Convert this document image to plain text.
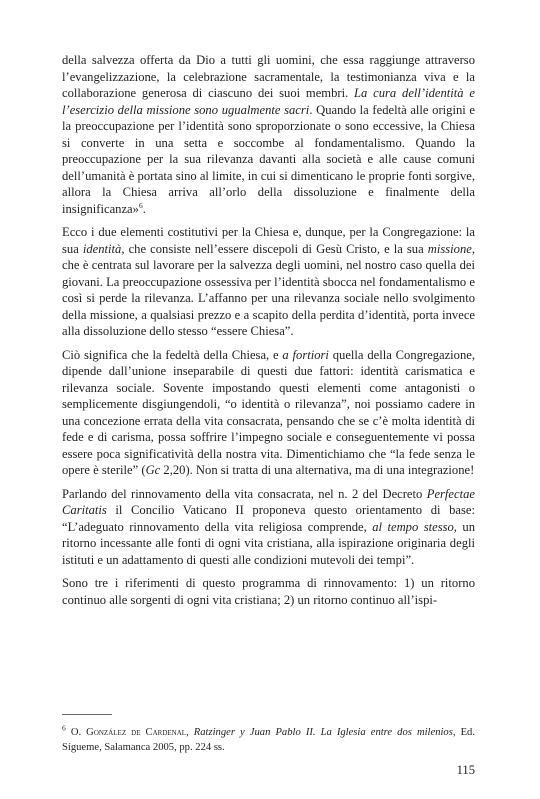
della salvezza offerta da Dio a tutti gli uomini, che essa raggiunge attraverso l’evangelizzazione, la celebrazione sacramentale, la testimonianza viva e la collaborazione generosa di ciascuno dei suoi membri. La cura dell’identità e l’esercizio della missione sono ugualmente sacri. Quando la fedeltà alle origini e la preoccupazione per l’identità sono sproporzionate o sono eccessive, la Chiesa si converte in una setta e soccombe al fondamentalismo. Quando la preoccupazione per la sua rilevanza davanti alla società e alle cause comuni dell’umanità è portata sino al limite, in cui si dimenticano le proprie fonti sorgive, allora la Chiesa arriva all’orlo della dissoluzione e finalmente della insignificanza»$^6$.

Ecco i due elementi costitutivi per la Chiesa e, dunque, per la Congregazione: la sua identità, che consiste nell’essere discepoli di Gesù Cristo, e la sua missione, che è centrata sul lavorare per la salvezza degli uomini, nel nostro caso quella dei giovani. La preoccupazione ossessiva per l’identità sbocca nel fondamentalismo e così si perde la rilevanza. L’affanno per una rilevanza sociale nello svolgimento della missione, a qualsiasi prezzo e a scapito della perdita d’identità, porta invece alla dissoluzione dello stesso “essere Chiesa”.

Ciò significa che la fedeltà della Chiesa, e a fortiori quella della Congregazione, dipende dall’unione inseparabile di questi due fattori: identità carismatica e rilevanza sociale. Sovente impostando questi elementi come antagonisti o semplicemente disgiungendoli, “o identità o rilevanza”, noi possiamo cadere in una concezione errata della vita consacrata, pensando che se c’è molta identità di fede e di carisma, possa soffrire l’impegno sociale e conseguentemente vi possa essere poca significatività della nostra vita. Dimentichiamo che “la fede senza le opere è sterile” (Gc 2,20). Non si tratta di una alternativa, ma di una integrazione!

Parlando del rinnovamento della vita consacrata, nel n. 2 del Decreto Perfectae Caritatis il Concilio Vaticano II proponeva questo orientamento di base: “L’adeguato rinnovamento della vita religiosa comprende, al tempo stesso, un ritorno incessante alle fonti di ogni vita cristiana, alla ispirazione originaria degli istituti e un adattamento di questi alle condizioni mutevoli dei tempi”.

Sono tre i riferimenti di questo programma di rinnovamento: 1) un ritorno continuo alle sorgenti di ogni vita cristiana; 2) un ritorno continuo all’ispi-

$^6$ O. González de Cardenal, Ratzinger y Juan Pablo II. La Iglesia entre dos milenios, Ed. Sígueme, Salamanca 2005, pp. 224 ss.

115
